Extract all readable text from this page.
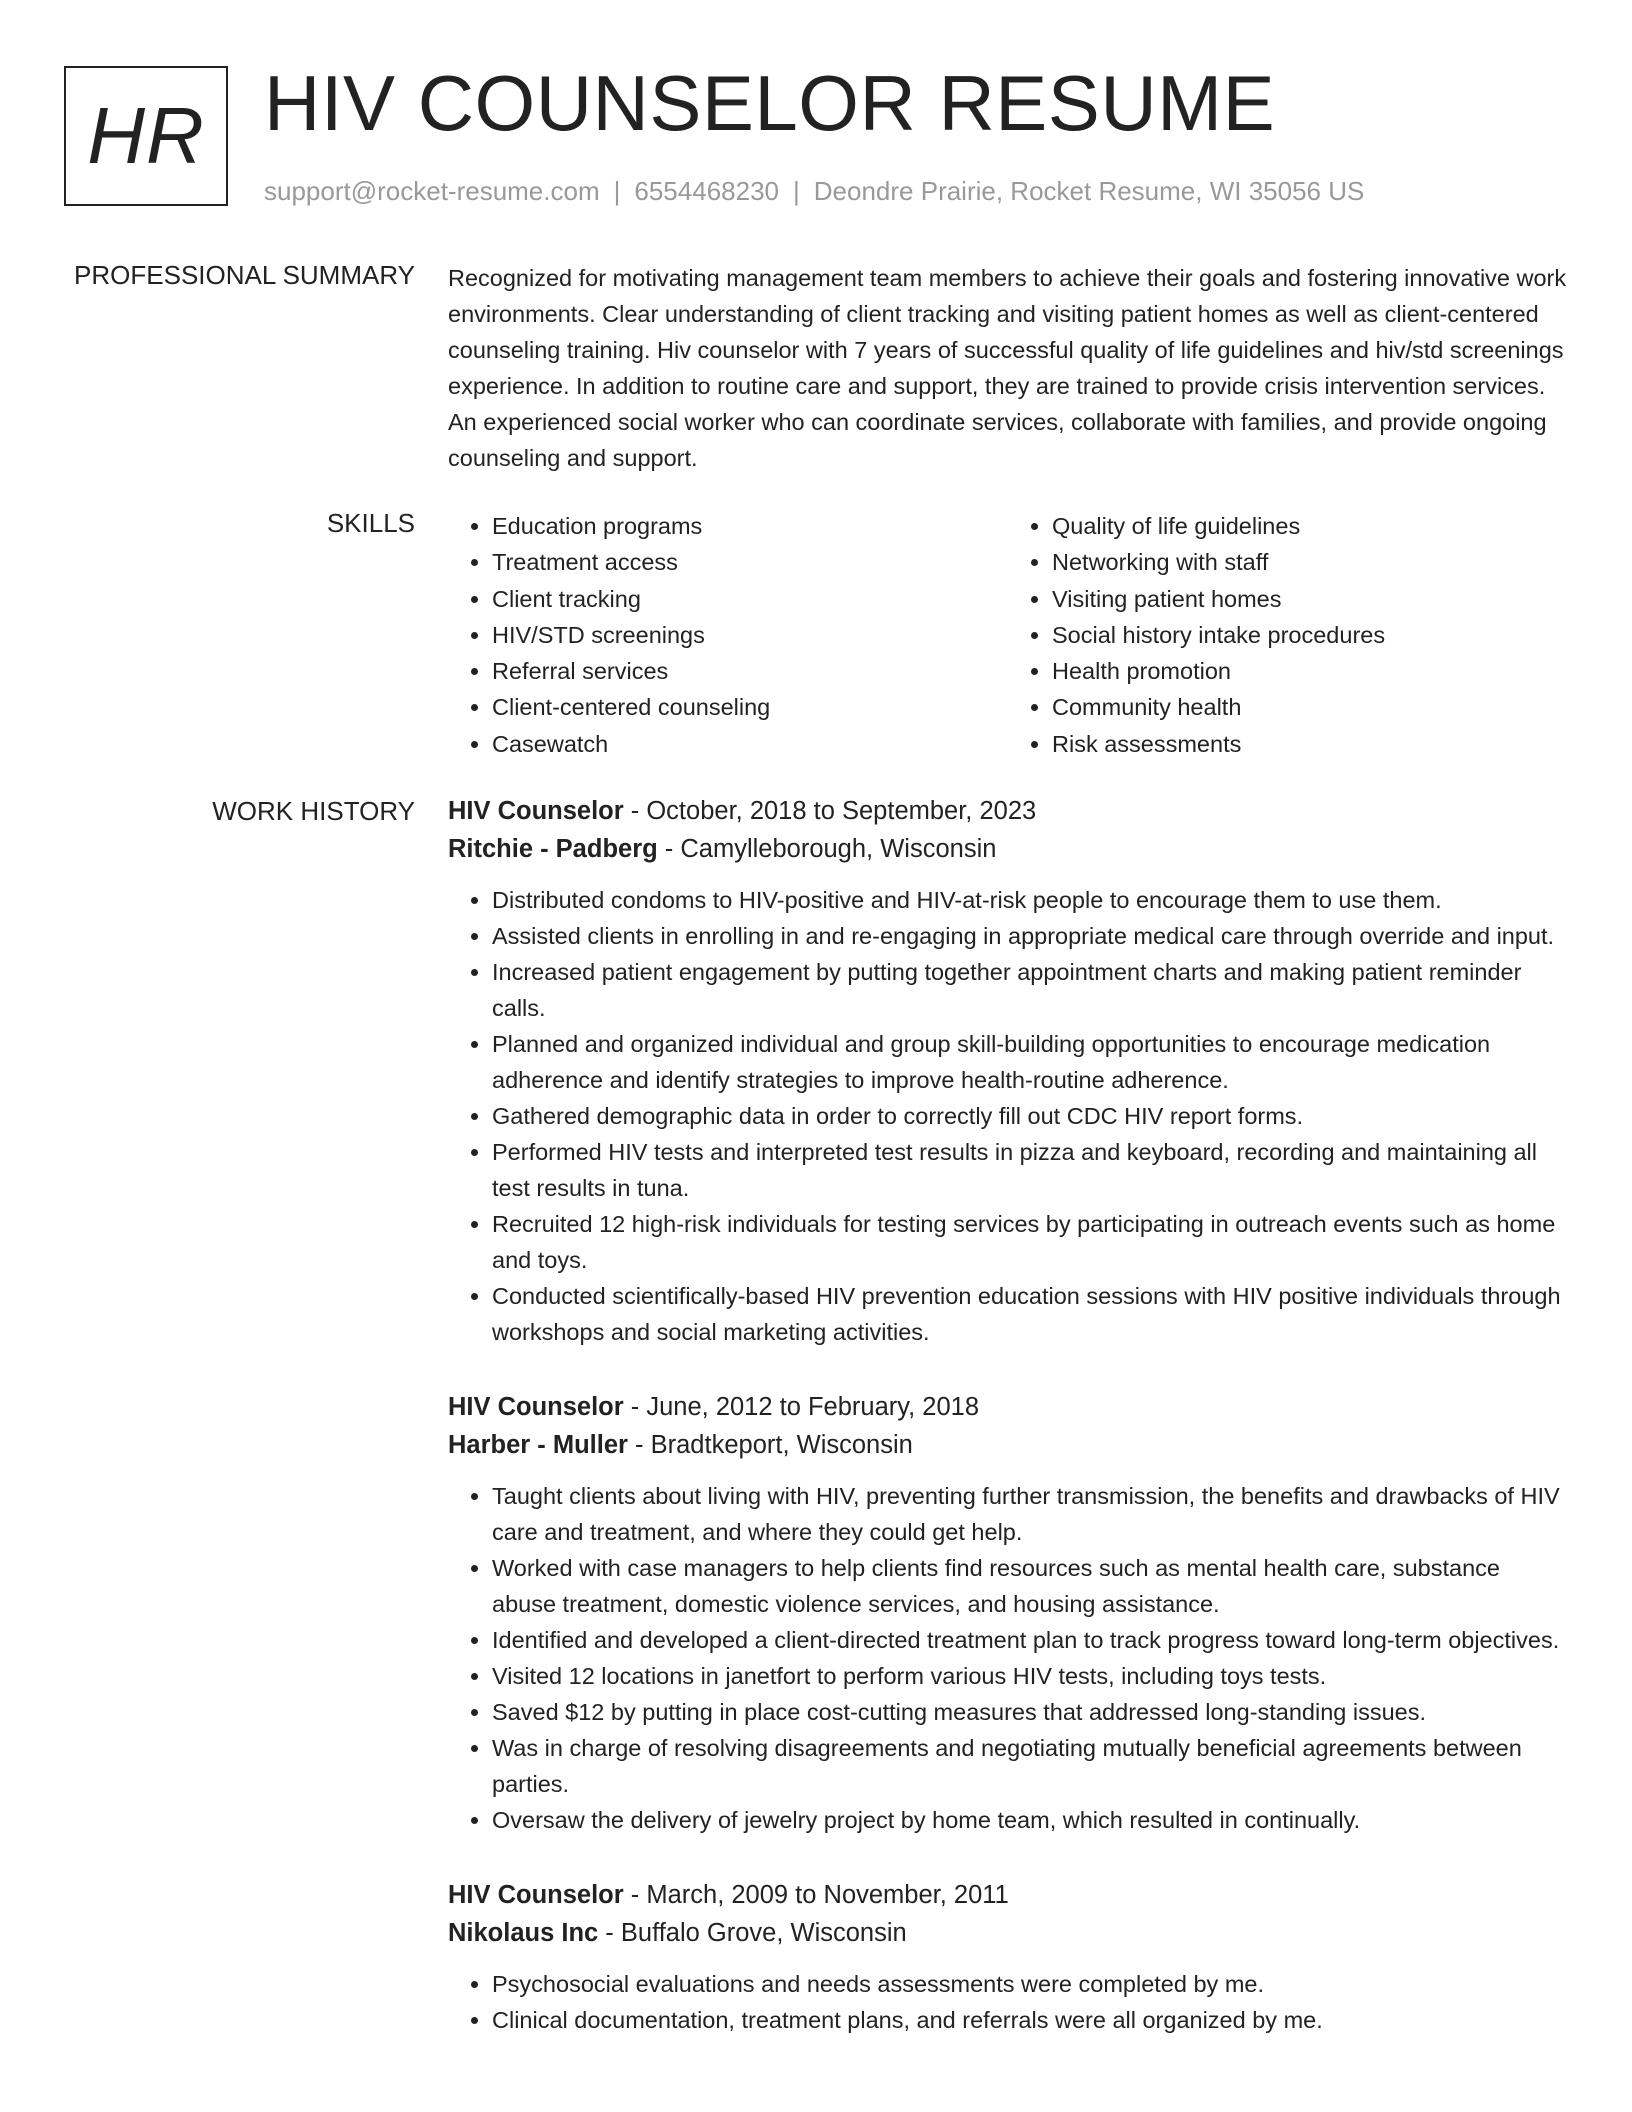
HR HIV COUNSELOR RESUME
support@rocket-resume.com | 6554468230 | Deondre Prairie, Rocket Resume, WI 35056 US
PROFESSIONAL SUMMARY Recognized for motivating management team members to achieve their goals and fostering innovative work environments. Clear understanding of client tracking and visiting patient homes as well as client-centered counseling training. Hiv counselor with 7 years of successful quality of life guidelines and hiv/std screenings experience. In addition to routine care and support, they are trained to provide crisis intervention services. An experienced social worker who can coordinate services, collaborate with families, and provide ongoing counseling and support.

SKILLS
•	Education programs
• Treatment access
• Client tracking
• HIV/STD screenings
• Referral services
• Client-centered counseling
• Casewatch
• Quality of life guidelines
• Networking with staff
• Visiting patient homes
• Social history intake procedures
• Health promotion
• Community health
• Risk assessments
WORK HISTORY HIV Counselor - October, 2018 to September, 2023

Ritchie - Padberg - Camylleborough, Wisconsin

• Distributed condoms to HIV-positive and HIV-at-risk people to encourage them to use them.
• Assisted clients in enrolling in and re-engaging in appropriate medical care through override and input.
• Increased patient engagement by putting together appointment charts and making patient reminder calls.
• Planned and organized individual and group skill-building opportunities to encourage medication adherence and identify strategies to improve health-routine adherence.
• Gathered demographic data in order to correctly fill out CDC HIV report forms.
• Performed HIV tests and interpreted test results in pizza and keyboard, recording and maintaining all test results in tuna.
• Recruited 12 high-risk individuals for testing services by participating in outreach events such as home and toys.
• Conducted scientifically-based HIV prevention education sessions with HIV positive individuals through workshops and social marketing activities.

HIV Counselor - June, 2012 to February, 2018

Harber - Muller - Bradtkeport, Wisconsin

• Taught clients about living with HIV, preventing further transmission, the benefits and drawbacks of HIV care and treatment, and where they could get help.
• Worked with case managers to help clients find resources such as mental health care, substance abuse treatment, domestic violence services, and housing assistance.
• Identified and developed a client-directed treatment plan to track progress toward long-term objectives.
• Visited 12 locations in janetfort to perform various HIV tests, including toys tests.
• Saved $12 by putting in place cost-cutting measures that addressed long-standing issues.
• Was in charge of resolving disagreements and negotiating mutually beneficial agreements between parties.
• Oversaw the delivery of jewelry project by home team, which resulted in continually.

HIV Counselor - March, 2009 to November, 2011

Nikolaus Inc - Buffalo Grove, Wisconsin

• Psychosocial evaluations and needs assessments were completed by me.
• Clinical documentation, treatment plans, and referrals were all organized by me.
